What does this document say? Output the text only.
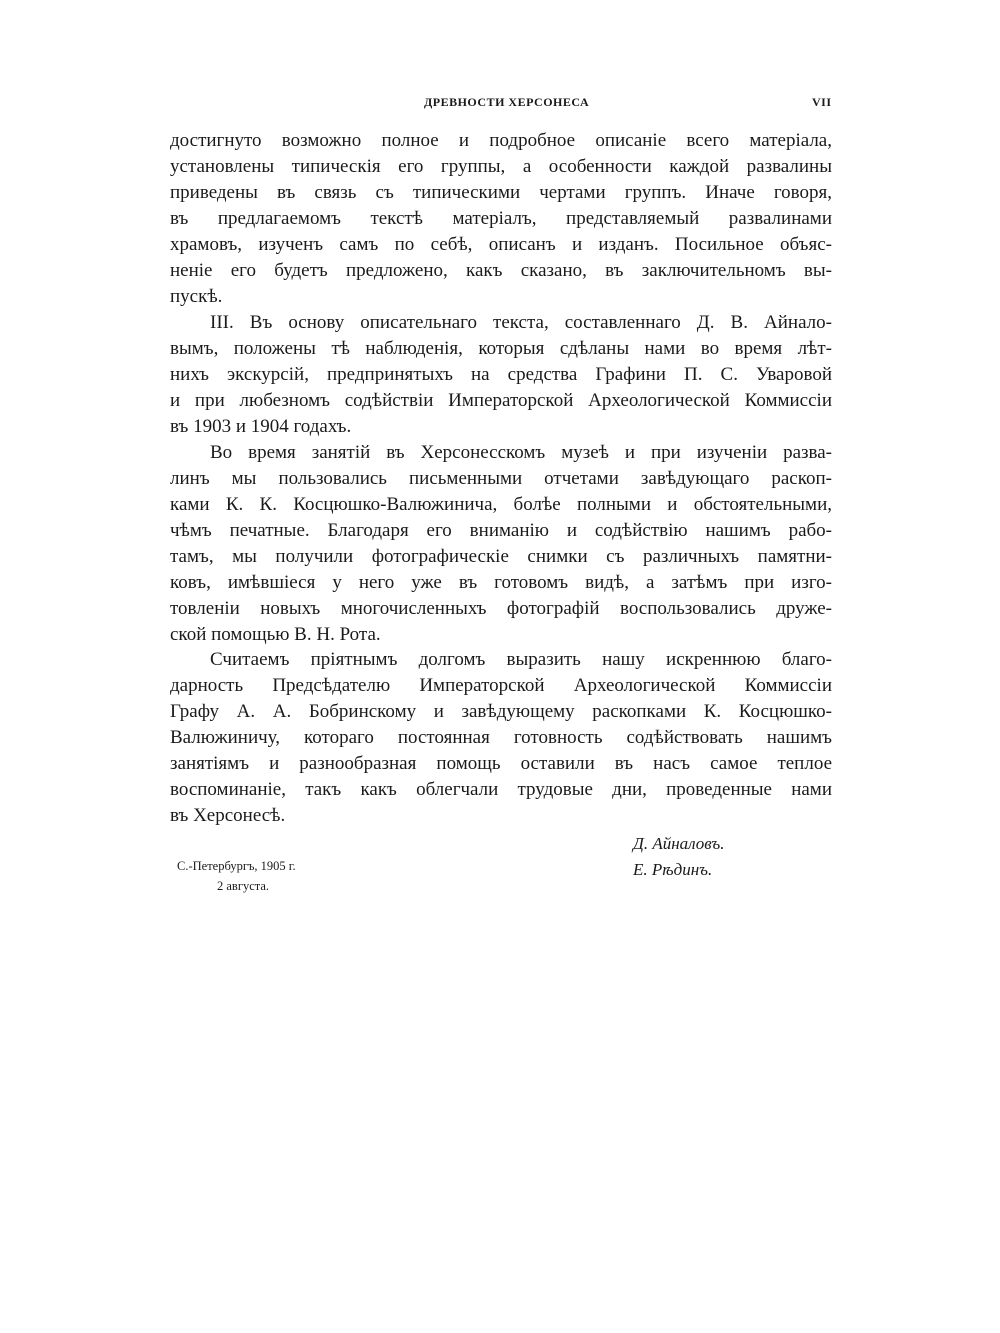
ДРЕВНОСТИ ХЕРСОНЕСА	VII
достигнуто возможно полное и подробное описаніе всего матеріала,
установлены типическія его группы, а особенности каждой развалины
приведены въ связь съ типическими чертами группъ. Иначе говоря,
въ предлагаемомъ текстѣ матеріалъ, представляемый развалинами
храмовъ, изученъ самъ по себѣ, описанъ и изданъ. Посильное объяс-
неніе его будетъ предложено, какъ сказано, въ заключительномъ вы-
пускѣ.
III. Въ основу описательнаго текста, составленнаго Д. В. Айнало-
вымъ, положены тѣ наблюденія, которыя сдѣланы нами во время лѣт-
нихъ экскурсій, предпринятыхъ на средства Графини П. С. Уваровой
и при любезномъ содѣйствіи Императорской Археологической Коммиссіи
въ 1903 и 1904 годахъ.
Во время занятій въ Херсонесскомъ музеѣ и при изученіи разва-
линъ мы пользовались письменными отчетами завѣдующаго раскоп-
ками К. К. Косцюшко-Валюжинича, болѣе полными и обстоятельными,
чѣмъ печатные. Благодаря его вниманію и содѣйствію нашимъ рабо-
тамъ, мы получили фотографическіе снимки съ различныхъ памятни-
ковъ, имѣвшіеся у него уже въ готовомъ видѣ, а затѣмъ при изго-
товленіи новыхъ многочисленныхъ фотографій воспользовались друже-
ской помощью В. Н. Рота.
Считаемъ пріятнымъ долгомъ выразить нашу искреннюю благо-
дарность Предсѣдателю Императорской Археологической Коммиссіи
Графу А. А. Бобринскому и завѣдующему раскопками К. Косцюшко-
Валюжиничу, котораго постоянная готовность содѣйствовать нашимъ
занятіямъ и разнообразная помощь оставили въ насъ самое теплое
воспоминаніе, такъ какъ облегчали трудовые дни, проведенные нами
въ Херсонесѣ.
С.-Петербургъ, 1905 г.
2 августа.
Д. Айналовъ.
Е. Рѣдинъ.
